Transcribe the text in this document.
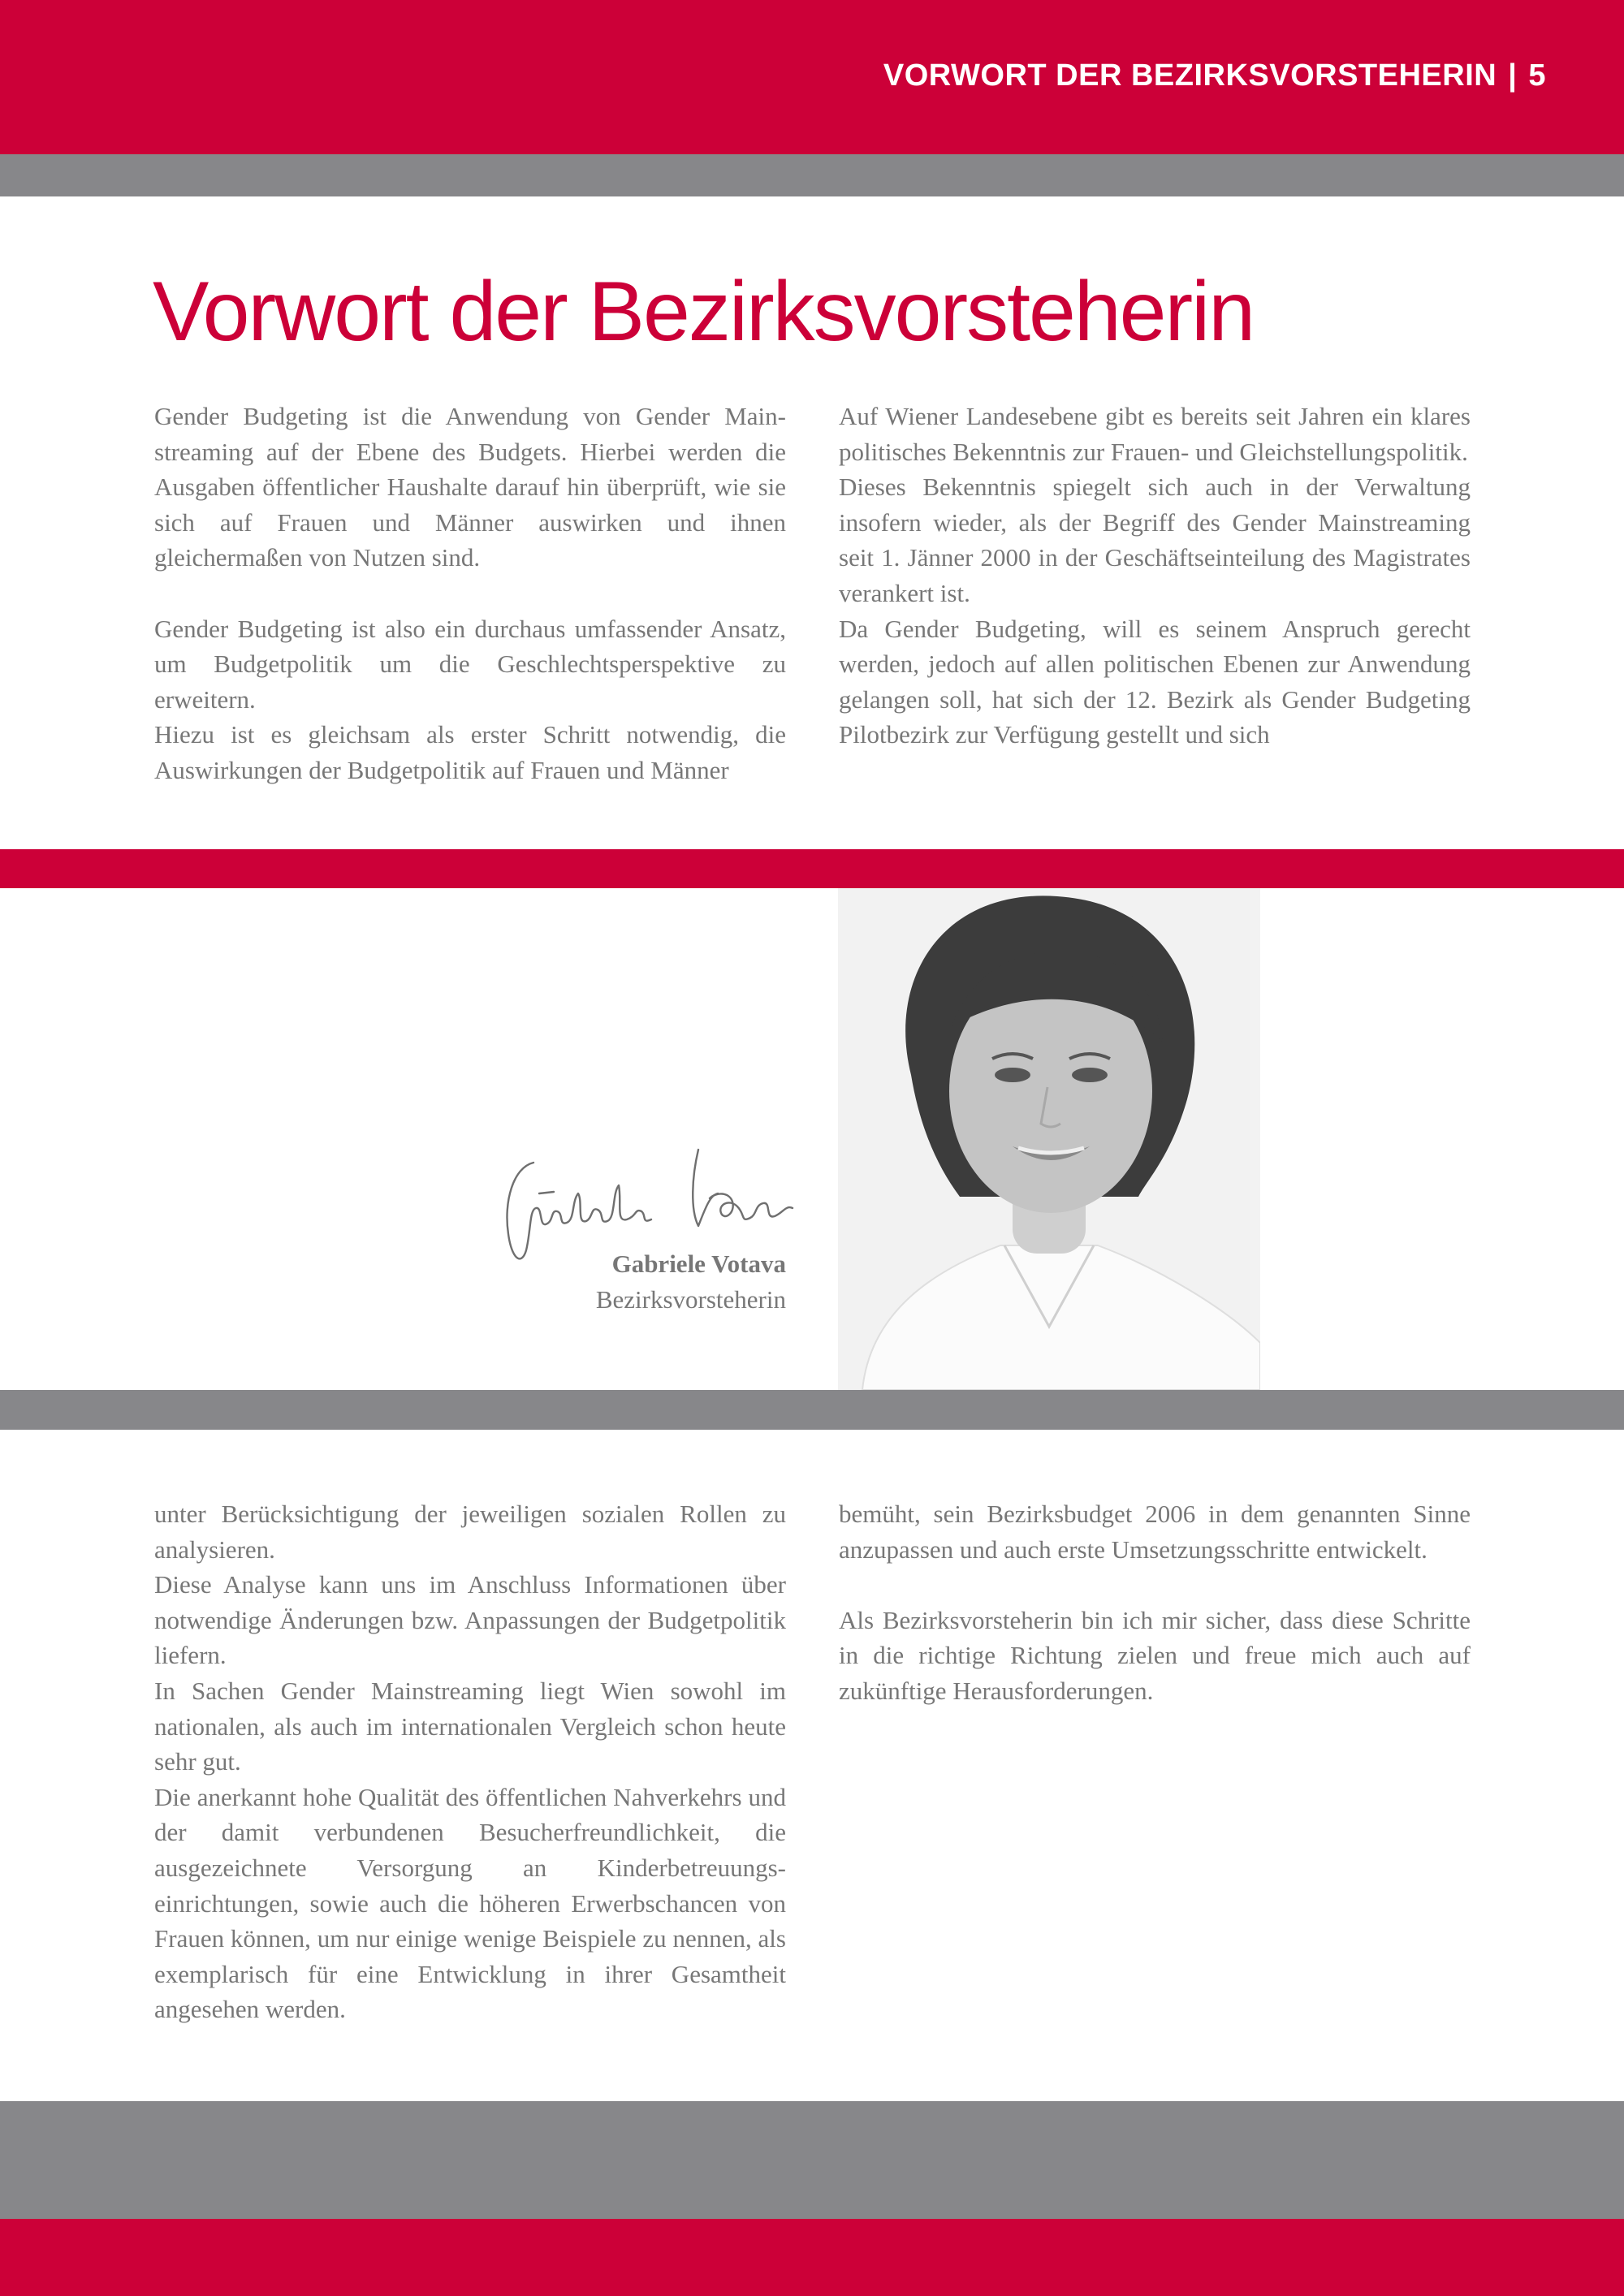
VORWORT DER BEZIRKSVORSTEHERIN | 5
Vorwort der Bezirksvorsteherin

Gender Budgeting ist die Anwendung von Gender Mainstreaming auf der Ebene des Budgets. Hierbei werden die Ausgaben öffentlicher Haushalte darauf hin überprüft, wie sie sich auf Frauen und Männer auswirken und ihnen gleichermaßen von Nutzen sind.

Gender Budgeting ist also ein durchaus umfassender Ansatz, um Budgetpolitik um die Geschlechtsperspektive zu erweitern.

Hiezu ist es gleichsam als erster Schritt notwendig, die Auswirkungen der Budgetpolitik auf Frauen und Männer

Auf Wiener Landesebene gibt es bereits seit Jahren ein klares politisches Bekenntnis zur Frauen- und Gleichstellungspolitik.

Dieses Bekenntnis spiegelt sich auch in der Verwaltung insofern wieder, als der Begriff des Gender Mainstreaming seit 1. Jänner 2000 in der Geschäftseinteilung des Magistrates verankert ist.

Da Gender Budgeting, will es seinem Anspruch gerecht werden, jedoch auf allen politischen Ebenen zur Anwendung gelangen soll, hat sich der 12. Bezirk als Gender Budgeting Pilotbezirk zur Verfügung gestellt und sich

Gabriele Votava
Bezirksvorsteherin

unter Berücksichtigung der jeweiligen sozialen Rollen zu analysieren.

Diese Analyse kann uns im Anschluss Informationen über notwendige Änderungen bzw. Anpassungen der Budgetpolitik liefern.

In Sachen Gender Mainstreaming liegt Wien sowohl im nationalen, als auch im internationalen Vergleich schon heute sehr gut.

Die anerkannt hohe Qualität des öffentlichen Nahverkehrs und der damit verbundenen Besucherfreundlichkeit, die ausgezeichnete Versorgung an Kinderbetreuungseinrichtungen, sowie auch die höheren Erwerbschancen von Frauen können, um nur einige wenige Beispiele zu nennen, als exemplarisch für eine Entwicklung in ihrer Gesamtheit angesehen werden.

bemüht, sein Bezirksbudget 2006 in dem genannten Sinne anzupassen und auch erste Umsetzungsschritte entwickelt.

Als Bezirksvorsteherin bin ich mir sicher, dass diese Schritte in die richtige Richtung zielen und freue mich auch auf zukünftige Herausforderungen.
